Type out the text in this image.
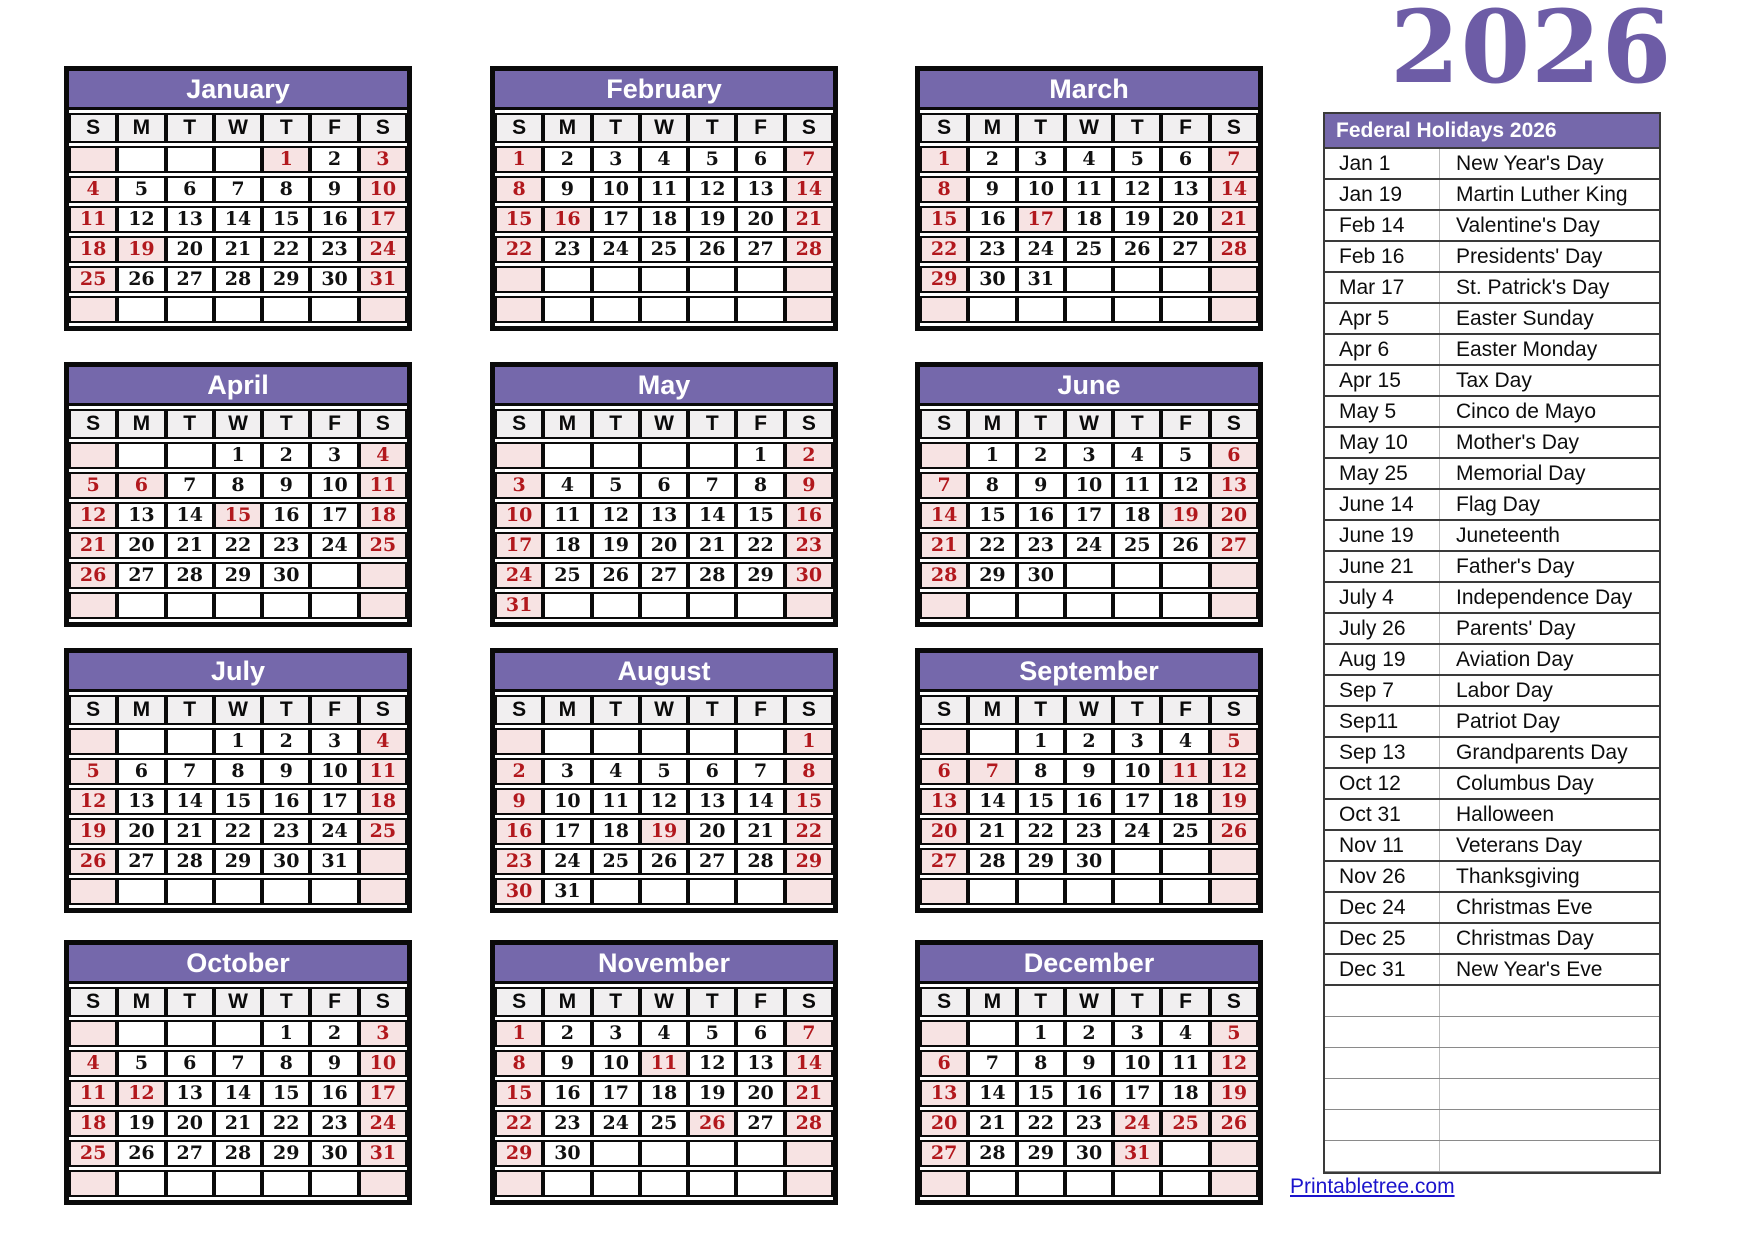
January
S	M	T	W	T	F	S
				1	2	3
4	5	6	7	8	9	10
11	12	13	14	15	16	17
18	19	20	21	22	23	24
25	26	27	28	29	30	31

February
S	M	T	W	T	F	S
1	2	3	4	5	6	7
8	9	10	11	12	13	14
15	16	17	18	19	20	21
22	23	24	25	26	27	28

March
S	M	T	W	T	F	S
1	2	3	4	5	6	7
8	9	10	11	12	13	14
15	16	17	18	19	20	21
22	23	24	25	26	27	28
29	30	31				

April
S	M	T	W	T	F	S
			1	2	3	4
5	6	7	8	9	10	11
12	13	14	15	16	17	18
21	20	21	22	23	24	25
26	27	28	29	30		

May
S	M	T	W	T	F	S
					1	2
3	4	5	6	7	8	9
10	11	12	13	14	15	16
17	18	19	20	21	22	23
24	25	26	27	28	29	30
31						
June
S	M	T	W	T	F	S
	1	2	3	4	5	6
7	8	9	10	11	12	13
14	15	16	17	18	19	20
21	22	23	24	25	26	27
28	29	30				

July
S	M	T	W	T	F	S
			1	2	3	4
5	6	7	8	9	10	11
12	13	14	15	16	17	18
19	20	21	22	23	24	25
26	27	28	29	30	31	

August
S	M	T	W	T	F	S
						1
2	3	4	5	6	7	8
9	10	11	12	13	14	15
16	17	18	19	20	21	22
23	24	25	26	27	28	29
30	31					
September
S	M	T	W	T	F	S
		1	2	3	4	5
6	7	8	9	10	11	12
13	14	15	16	17	18	19
20	21	22	23	24	25	26
27	28	29	30			

October
S	M	T	W	T	F	S
				1	2	3
4	5	6	7	8	9	10
11	12	13	14	15	16	17
18	19	20	21	22	23	24
25	26	27	28	29	30	31

November
S	M	T	W	T	F	S
1	2	3	4	5	6	7
8	9	10	11	12	13	14
15	16	17	18	19	20	21
22	23	24	25	26	27	28
29	30					

December
S	M	T	W	T	F	S
		1	2	3	4	5
6	7	8	9	10	11	12
13	14	15	16	17	18	19
20	21	22	23	24	25	26
27	28	29	30	31		

2026
Federal Holidays 2026
Jan 1	New Year's Day
Jan 19	Martin Luther King
Feb 14	Valentine's Day
Feb 16	Presidents' Day
Mar 17	St. Patrick's Day
Apr 5	Easter Sunday
Apr 6	Easter Monday
Apr 15	Tax Day
May 5	Cinco de Mayo
May 10	Mother's Day
May 25	Memorial Day
June 14	Flag Day
June 19	Juneteenth
June 21	Father's Day
July 4	Independence Day
July 26	Parents' Day
Aug 19	Aviation Day
Sep 7	Labor Day
Sep11	Patriot Day
Sep 13	Grandparents Day
Oct 12	Columbus Day
Oct 31	Halloween
Nov 11	Veterans Day
Nov 26	Thanksgiving
Dec 24	Christmas Eve
Dec 25	Christmas Day
Dec 31	New Year's Eve
Printabletree.com
